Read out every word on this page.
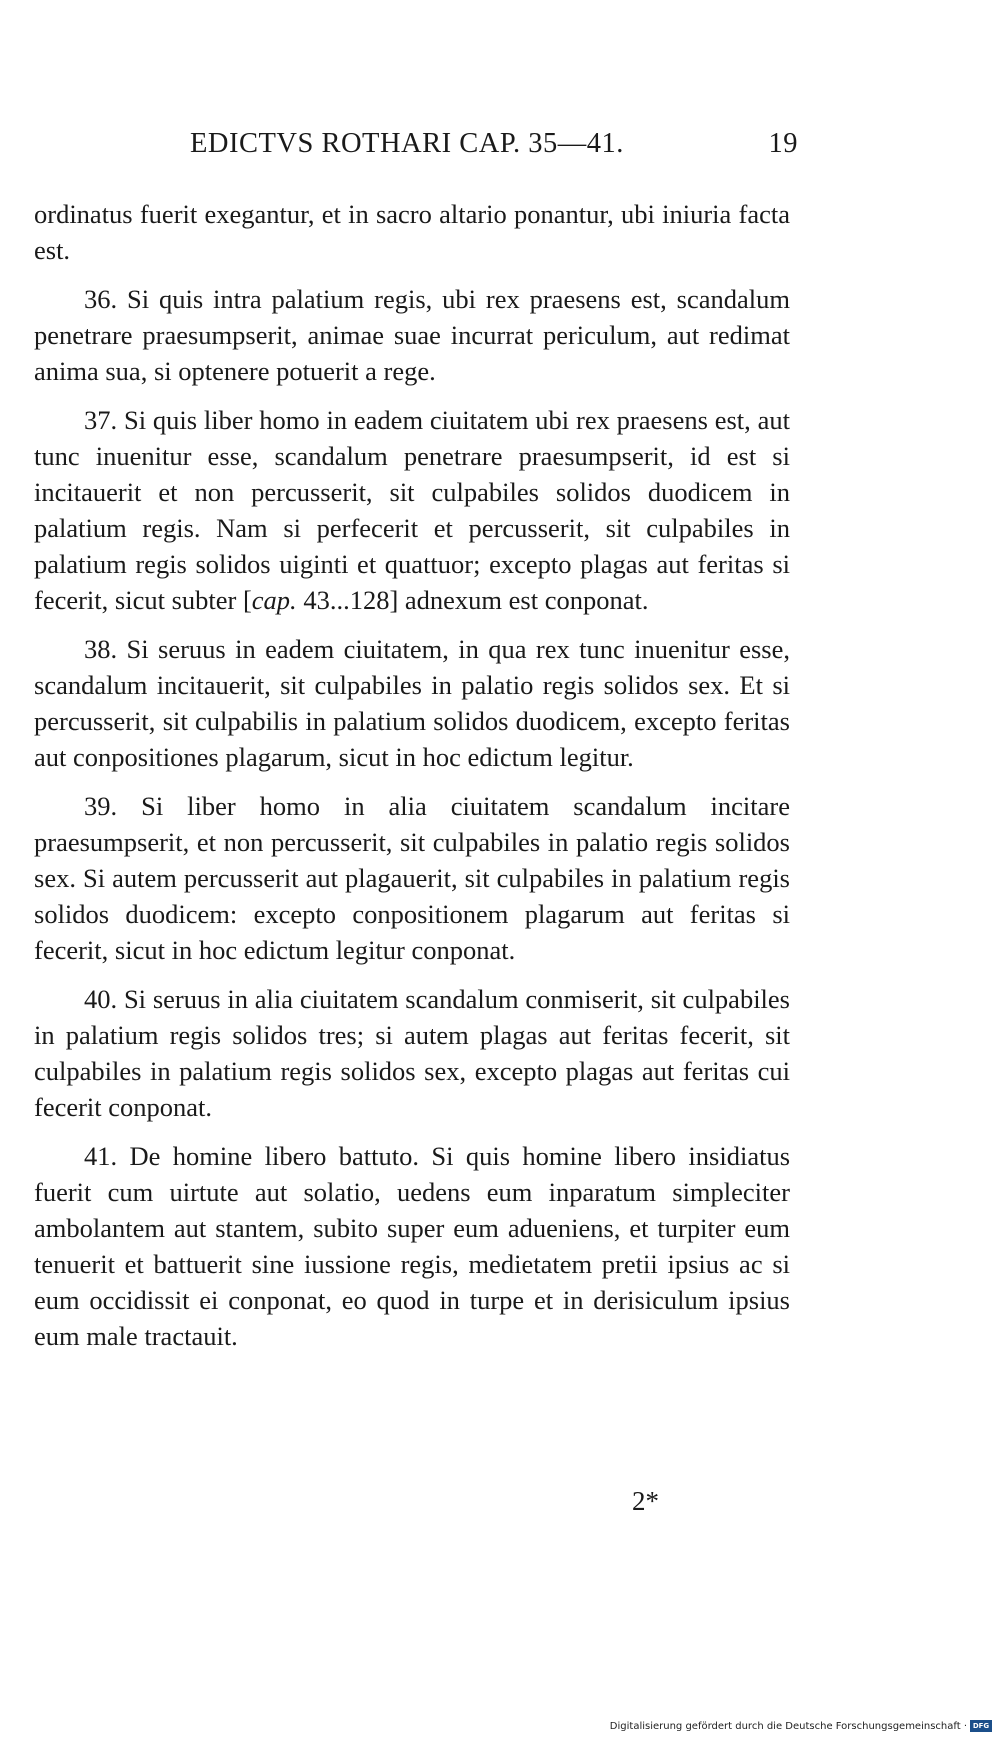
EDICTVS ROTHARI CAP. 35—41.	19

ordinatus fuerit exegantur, et in sacro altario ponantur, ubi iniuria facta est.

36. Si quis intra palatium regis, ubi rex praesens est, scandalum penetrare praesumpserit, animae suae incurrat periculum, aut redimat anima sua, si optenere potuerit a rege.

37. Si quis liber homo in eadem ciuitatem ubi rex praesens est, aut tunc inuenitur esse, scandalum penetrare praesumpserit, id est si incitauerit et non percusserit, sit culpabiles solidos duodicem in palatium regis. Nam si perfecerit et percusserit, sit culpabiles in palatium regis solidos uiginti et quattuor; excepto plagas aut feritas si fecerit, sicut subter [cap. 43...128] adnexum est conponat.

38. Si seruus in eadem ciuitatem, in qua rex tunc inuenitur esse, scandalum incitauerit, sit culpabiles in palatio regis solidos sex. Et si percusserit, sit culpabilis in palatium solidos duodicem, excepto feritas aut conpositiones plagarum, sicut in hoc edictum legitur.

39. Si liber homo in alia ciuitatem scandalum incitare praesumpserit, et non percusserit, sit culpabiles in palatio regis solidos sex. Si autem percusserit aut plagauerit, sit culpabiles in palatium regis solidos duodicem: excepto conpositionem plagarum aut feritas si fecerit, sicut in hoc edictum legitur conponat.

40. Si seruus in alia ciuitatem scandalum conmiserit, sit culpabiles in palatium regis solidos tres; si autem plagas aut feritas fecerit, sit culpabiles in palatium regis solidos sex, excepto plagas aut feritas cui fecerit conponat.

41. De homine libero battuto. Si quis homine libero insidiatus fuerit cum uirtute aut solatio, uedens eum inparatum simpleciter ambolantem aut stantem, subito super eum adueniens, et turpiter eum tenuerit et battuerit sine iussione regis, medietatem pretii ipsius ac si eum occidissit ei conponat, eo quod in turpe et in derisiculum ipsius eum male tractauit.

2*
Digitalisierung gefördert durch die Deutsche Forschungsgemeinschaft · DFG
